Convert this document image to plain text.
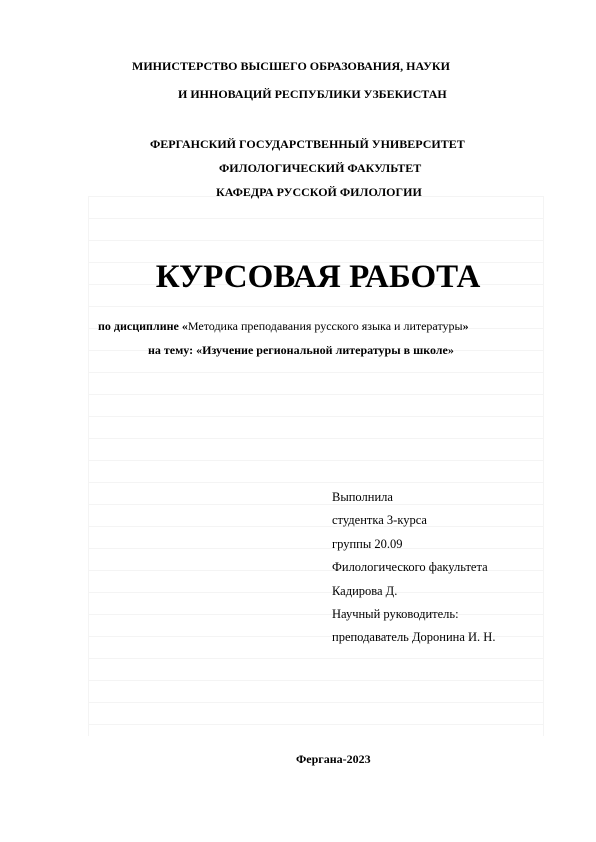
МИНИСТЕРСТВО ВЫСШЕГО ОБРАЗОВАНИЯ, НАУКИ
И ИННОВАЦИЙ РЕСПУБЛИКИ УЗБЕКИСТАН
ФЕРГАНСКИЙ ГОСУДАРСТВЕННЫЙ УНИВЕРСИТЕТ
ФИЛОЛОГИЧЕСКИЙ ФАКУЛЬТЕТ
КАФЕДРА РУССКОЙ ФИЛОЛОГИИ
КУРСОВАЯ РАБОТА
по дисциплине «Методика преподавания русского языка и литературы»
на тему: «Изучение региональной литературы в школе»
Выполнила
студентка 3-курса
группы 20.09
Филологического факультета
Кадирова Д.
Научный руководитель:
преподаватель Доронина И. Н.
Фергана-2023
